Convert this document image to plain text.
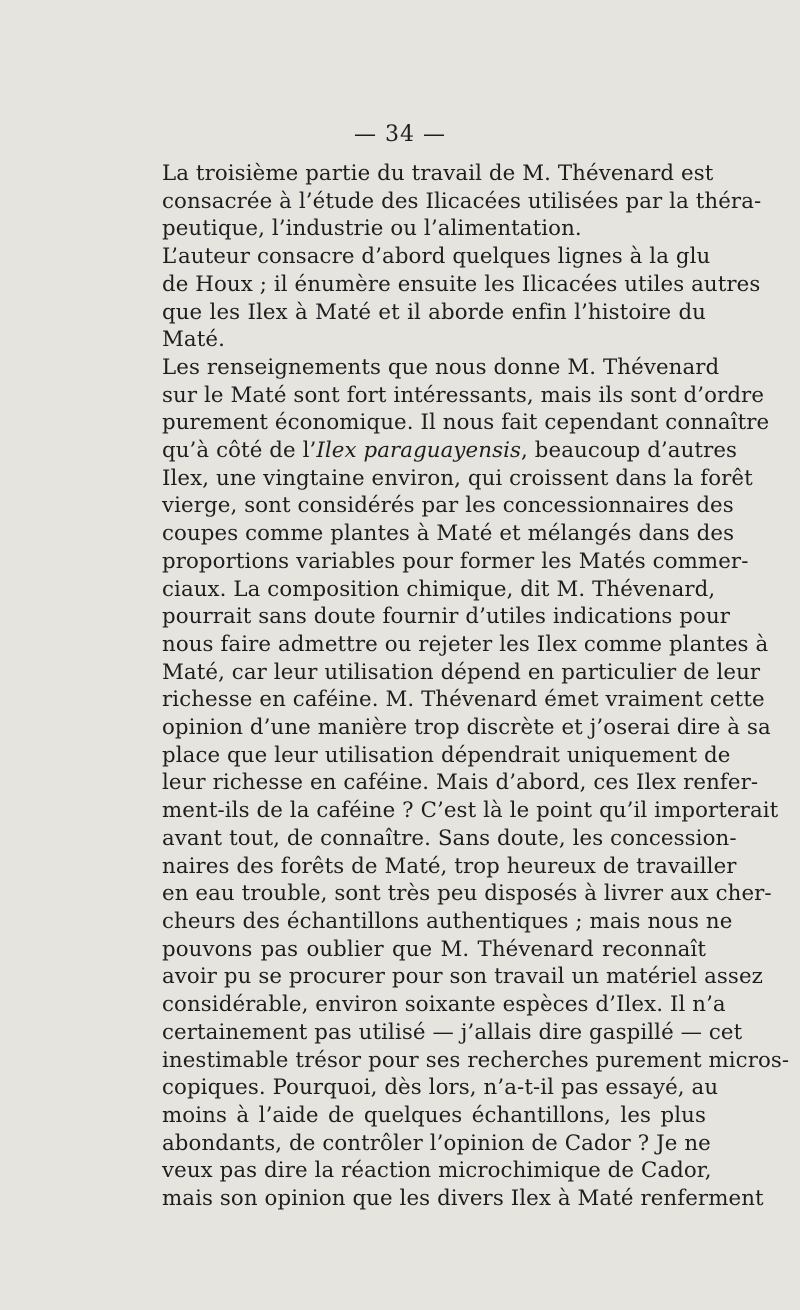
— 34 —

La troisième partie du travail de M. Thévenard est
consacrée à l’étude des Ilicacées utilisées par la théra-
peutique, l’industrie ou l’alimentation.

L’auteur consacre d’abord quelques lignes à la glu
de Houx ; il énumère ensuite les Ilicacées utiles autres
que les Ilex à Maté et il aborde enfin l’histoire du
Maté.

Les renseignements que nous donne M. Thévenard
sur le Maté sont fort intéressants, mais ils sont d’ordre
purement économique. Il nous fait cependant connaître
qu’à côté de l’Ilex paraguayensis, beaucoup d’autres
Ilex, une vingtaine environ, qui croissent dans la forêt
vierge, sont considérés par les concessionnaires des
coupes comme plantes à Maté et mélangés dans des
proportions variables pour former les Matés commer-
ciaux. La composition chimique, dit M. Thévenard,
pourrait sans doute fournir d’utiles indications pour
nous faire admettre ou rejeter les Ilex comme plantes à
Maté, car leur utilisation dépend en particulier de leur
richesse en caféine. M. Thévenard émet vraiment cette
opinion d’une manière trop discrète et j’oserai dire à sa
place que leur utilisation dépendrait uniquement de
leur richesse en caféine. Mais d’abord, ces Ilex renfer-
ment-ils de la caféine ? C’est là le point qu’il importerait
avant tout, de connaître. Sans doute, les concession-
naires des forêts de Maté, trop heureux de travailler
en eau trouble, sont très peu disposés à livrer aux cher-
cheurs des échantillons authentiques ; mais nous ne
pouvons pas oublier que M. Thévenard reconnaît
avoir pu se procurer pour son travail un matériel assez
considérable, environ soixante espèces d’Ilex. Il n’a
certainement pas utilisé — j’allais dire gaspillé — cet
inestimable trésor pour ses recherches purement micros-
copiques. Pourquoi, dès lors, n’a-t-il pas essayé, au
moins à l’aide de quelques échantillons, les plus
abondants, de contrôler l’opinion de Cador ? Je ne
veux pas dire la réaction microchimique de Cador,
mais son opinion que les divers Ilex à Maté renferment
